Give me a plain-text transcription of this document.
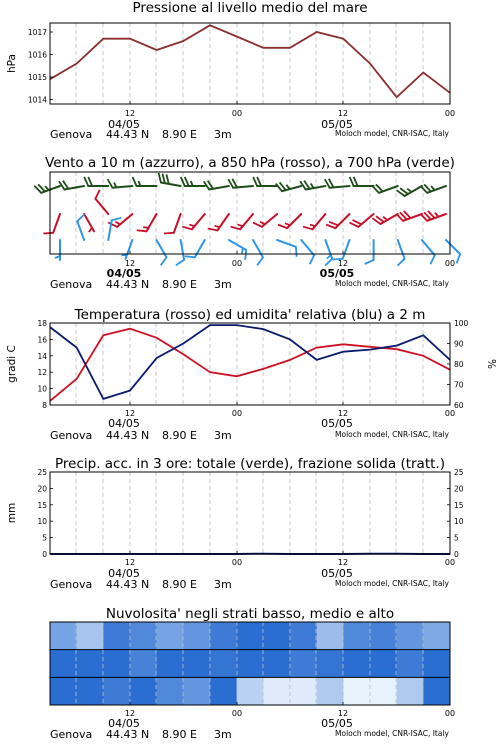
Pressione al livello medio del mare
1014
1015
1016
1017
hPa
12	00	12	00
04/05	05/05
Genova 44.43 N 8.90 E 3m	Moloch model, CNR-ISAC, Italy
Vento a 10 m (azzurro), a 850 hPa (rosso), a 700 hPa (verde)
12	00	12	00
04/05	05/05
Genova 44.43 N 8.90 E 3m	Moloch model, CNR-ISAC, Italy
Temperatura (rosso) ed umidita' relativa (blu) a 2 m
8
10
12
14
16
18
60
70
80
90
100
gradi C	%
12	00	12	00
04/05	05/05
Genova 44.43 N 8.90 E 3m	Moloch model, CNR-ISAC, Italy
Precip. acc. in 3 ore: totale (verde), frazione solida (tratt.)
0
5
10
15
20
25
0
5
10
15
20
25
mm
12	00	12	00
04/05	05/05
Genova 44.43 N 8.90 E 3m	Moloch model, CNR-ISAC, Italy
Nuvolosita' negli strati basso, medio e alto
12	00	12	00
04/05	05/05
Genova 44.43 N 8.90 E 3m	Moloch model, CNR-ISAC, Italy
